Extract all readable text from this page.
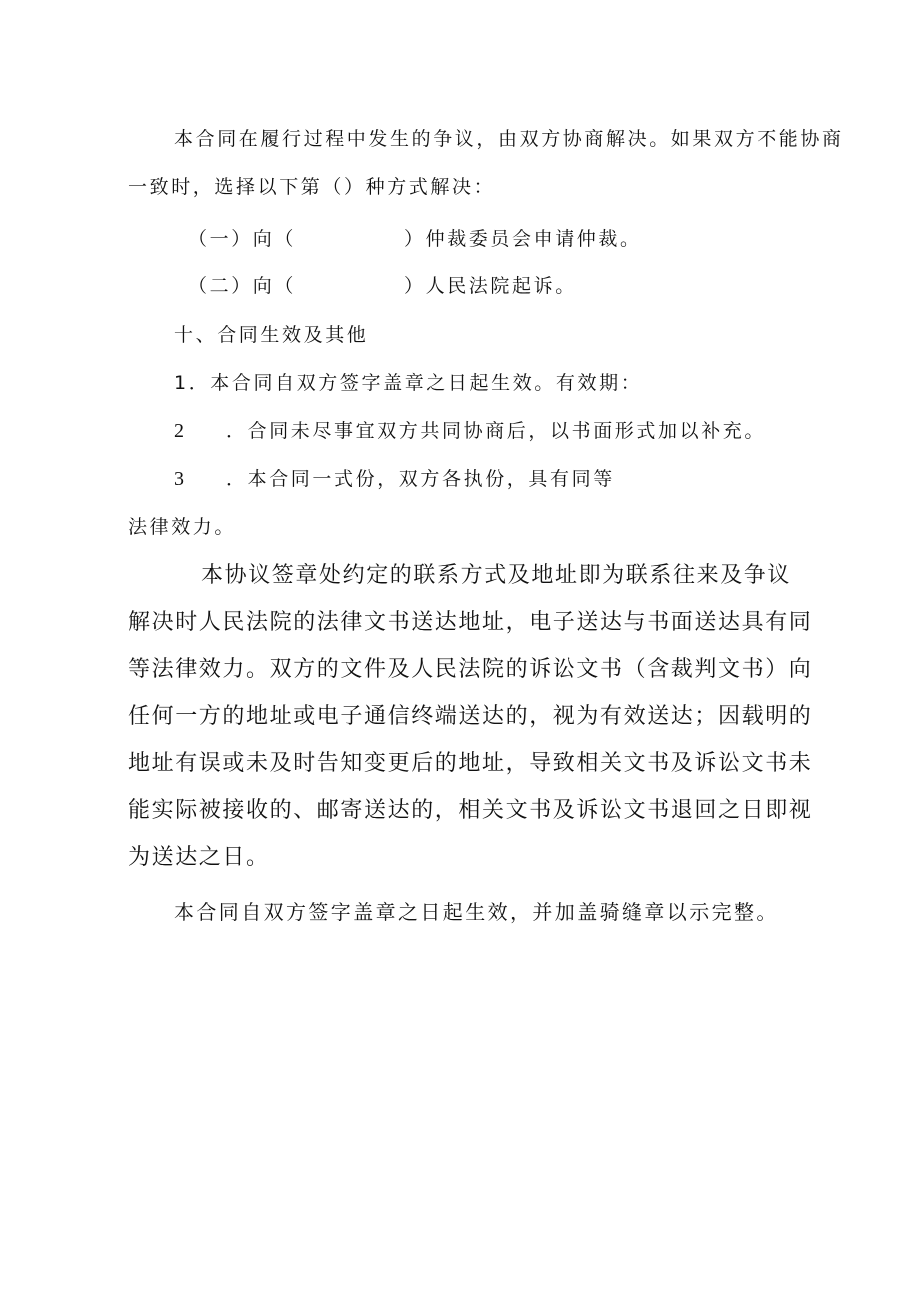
本合同在履行过程中发生的争议，由双方协商解决。如果双方不能协商
一致时，选择以下第（）种方式解决：
（一）向（　　　　　）仲裁委员会申请仲裁。
（二）向（　　　　　）人民法院起诉。
十、合同生效及其他
1．本合同自双方签字盖章之日起生效。有效期：
2 ．合同未尽事宜双方共同协商后，以书面形式加以补充。
3 ．本合同一式份，双方各执份，具有同等
法律效力。
本协议签章处约定的联系方式及地址即为联系往来及争议
解决时人民法院的法律文书送达地址，电子送达与书面送达具有同
等法律效力。双方的文件及人民法院的诉讼文书（含裁判文书）向
任何一方的地址或电子通信终端送达的，视为有效送达；因载明的
地址有误或未及时告知变更后的地址，导致相关文书及诉讼文书未
能实际被接收的、邮寄送达的，相关文书及诉讼文书退回之日即视
为送达之日。
本合同自双方签字盖章之日起生效，并加盖骑缝章以示完整。
